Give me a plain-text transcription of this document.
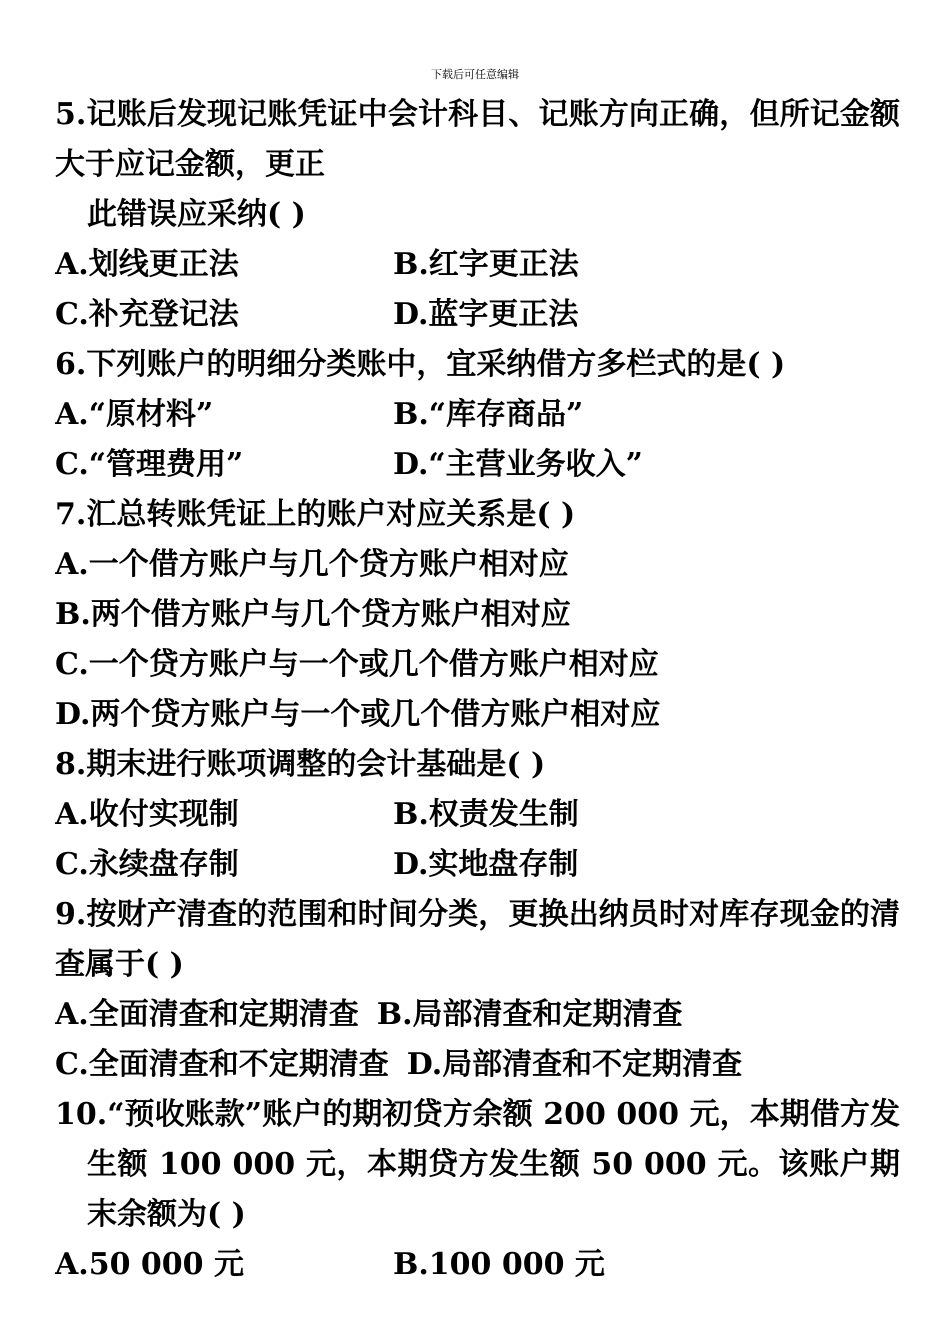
下载后可任意编辑
5.记账后发现记账凭证中会计科目、记账方向正确，但所记金额大于应记金额，更正
此错误应采纳( )
A.划线更正法	B.红字更正法
C.补充登记法	D.蓝字更正法
6.下列账户的明细分类账中，宜采纳借方多栏式的是( )
A.“原材料”	B.“库存商品”
C.“管理费用”	D.“主营业务收入”
7.汇总转账凭证上的账户对应关系是( )
A.一个借方账户与几个贷方账户相对应
B.两个借方账户与几个贷方账户相对应
C.一个贷方账户与一个或几个借方账户相对应
D.两个贷方账户与一个或几个借方账户相对应
8.期末进行账项调整的会计基础是( )
A.收付实现制	B.权责发生制
C.永续盘存制	D.实地盘存制
9.按财产清查的范围和时间分类，更换出纳员时对库存现金的清查属于( )
A.全面清查和定期清查 B.局部清查和定期清查
C.全面清查和不定期清查 D.局部清查和不定期清查
10.“预收账款”账户的期初贷方余额 200 000 元，本期借方发生额 100 000 元，本期贷方发生额 50 000 元。该账户期末余额为( )
A.50 000 元	B.100 000 元
